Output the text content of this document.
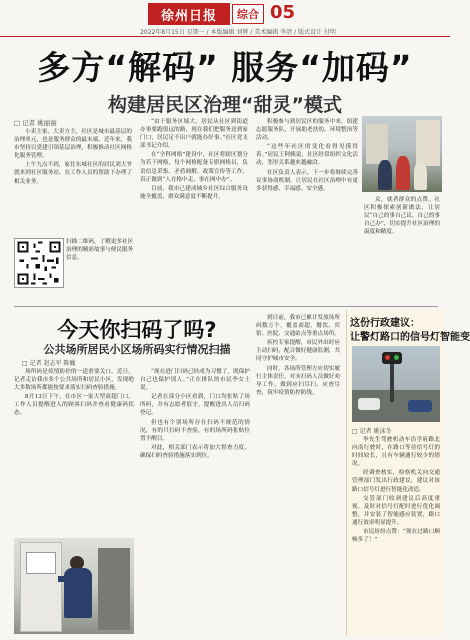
徐州日报	综合 05
2022年8月15日 星期一 / 本版编辑 刘辉 / 美术编辑 李清 / 版式设计 付明
多方“解码” 服务“加码”
构建居民区治理“甜灵”模式
□ 记者 姚丽丽

小卖主家、大卖方主，社区是城市最基层的治理单元，也是服务群众的最末端。近年来，我市坚持以党建引领基层治理，积极推动社区网格化服务管理。

上午九点不到，家住东城社区的居民刘大爷就来到社区服务站，在工作人员的帮助下办理了相关业务。

“由于服务区域大，居民从社区到街道办事要跑很远的路，现在我们把服务送到家门口，居民足不出户就能办好事。”社区党支部书记介绍。

在“全科网格”建设中，社区将辖区划分为若干网格，每个网格配备专职网格员，负责信息采集、矛盾调解、政策宣传等工作，真正做到“人在格中走、事在网中办”。

目前，我市已建成城乡社区综合服务设施全覆盖，群众满意度不断提升。

积极参与到居民区的服务中来，组建志愿服务队，开展助老扶幼、环境整治等活动。

“这些年社区的变化看得见摸得着。”居民王阿姨说，社区经常组织文化活动，邻里关系越来越融洽。

社区负责人表示，下一步将继续完善议事协商机制，让居民在社区治理中有更多获得感、幸福感、安全感。

众，就者群众的点赞。社区积极探索创新做法，让居民“自己的事自己议、自己的事自己办”，切实提升社区治理的温度和精度。

扫描二维码，了解更多社区治理的精彩故事与便民服务信息。
今天你扫码了吗?
公共场所居民小区场所码实行情况扫描
□ 记者 赵志军 陈巍

场所码是疫情防控的一道重要关口。近日，记者走访我市多个公共场所和居民小区，发现绝大多数场所都能按要求落实扫码查验措施。

8月13日下午，在市区一家大型商超门口，工作人员提醒进入的顾客扫码并查看健康码状态。

“现在进门扫码已经成为习惯了，既保护自己也保护别人。”正在排队的市民李女士说。

记者在部分小区看到，门口均张贴了场所码，并有志愿者值守，提醒进出人员扫码登记。

但也有个别场所存在扫码不规范的情况，有的只扫码不查验，有的场所码张贴位置不醒目。

对此，相关部门表示将加大督查力度，确保扫码查验措施落实到位。

到目前，我市已累计发放场所码数万个，覆盖商超、餐饮、宾馆、医院、交通站点等重点场所。

疾控专家提醒，市民外出时应主动扫码，配合做好健康监测，共同守护城市安全。

同时，各场所管理方应切实履行主体责任，对未扫码人员做好劝导工作，做到应扫尽扫、应查尽查，筑牢疫情防控防线。

这份行政建议：
让警灯路口的信号灯智能变
□ 记者 姚沫冬

李先生驾驶机动车沿学府路北向南行驶时，在路口等待信号灯的时间较长，且有车辆通行较少的情况。

经调查核实，检察机关向交通管理部门发出行政建议，建议对该路口信号灯进行智能化改造。

交管部门收到建议后高度重视，及时对信号灯配时进行优化调整，并安装了智能感应装置，路口通行效率明显提升。

市民纷纷点赞：“现在过路口顺畅多了！”
